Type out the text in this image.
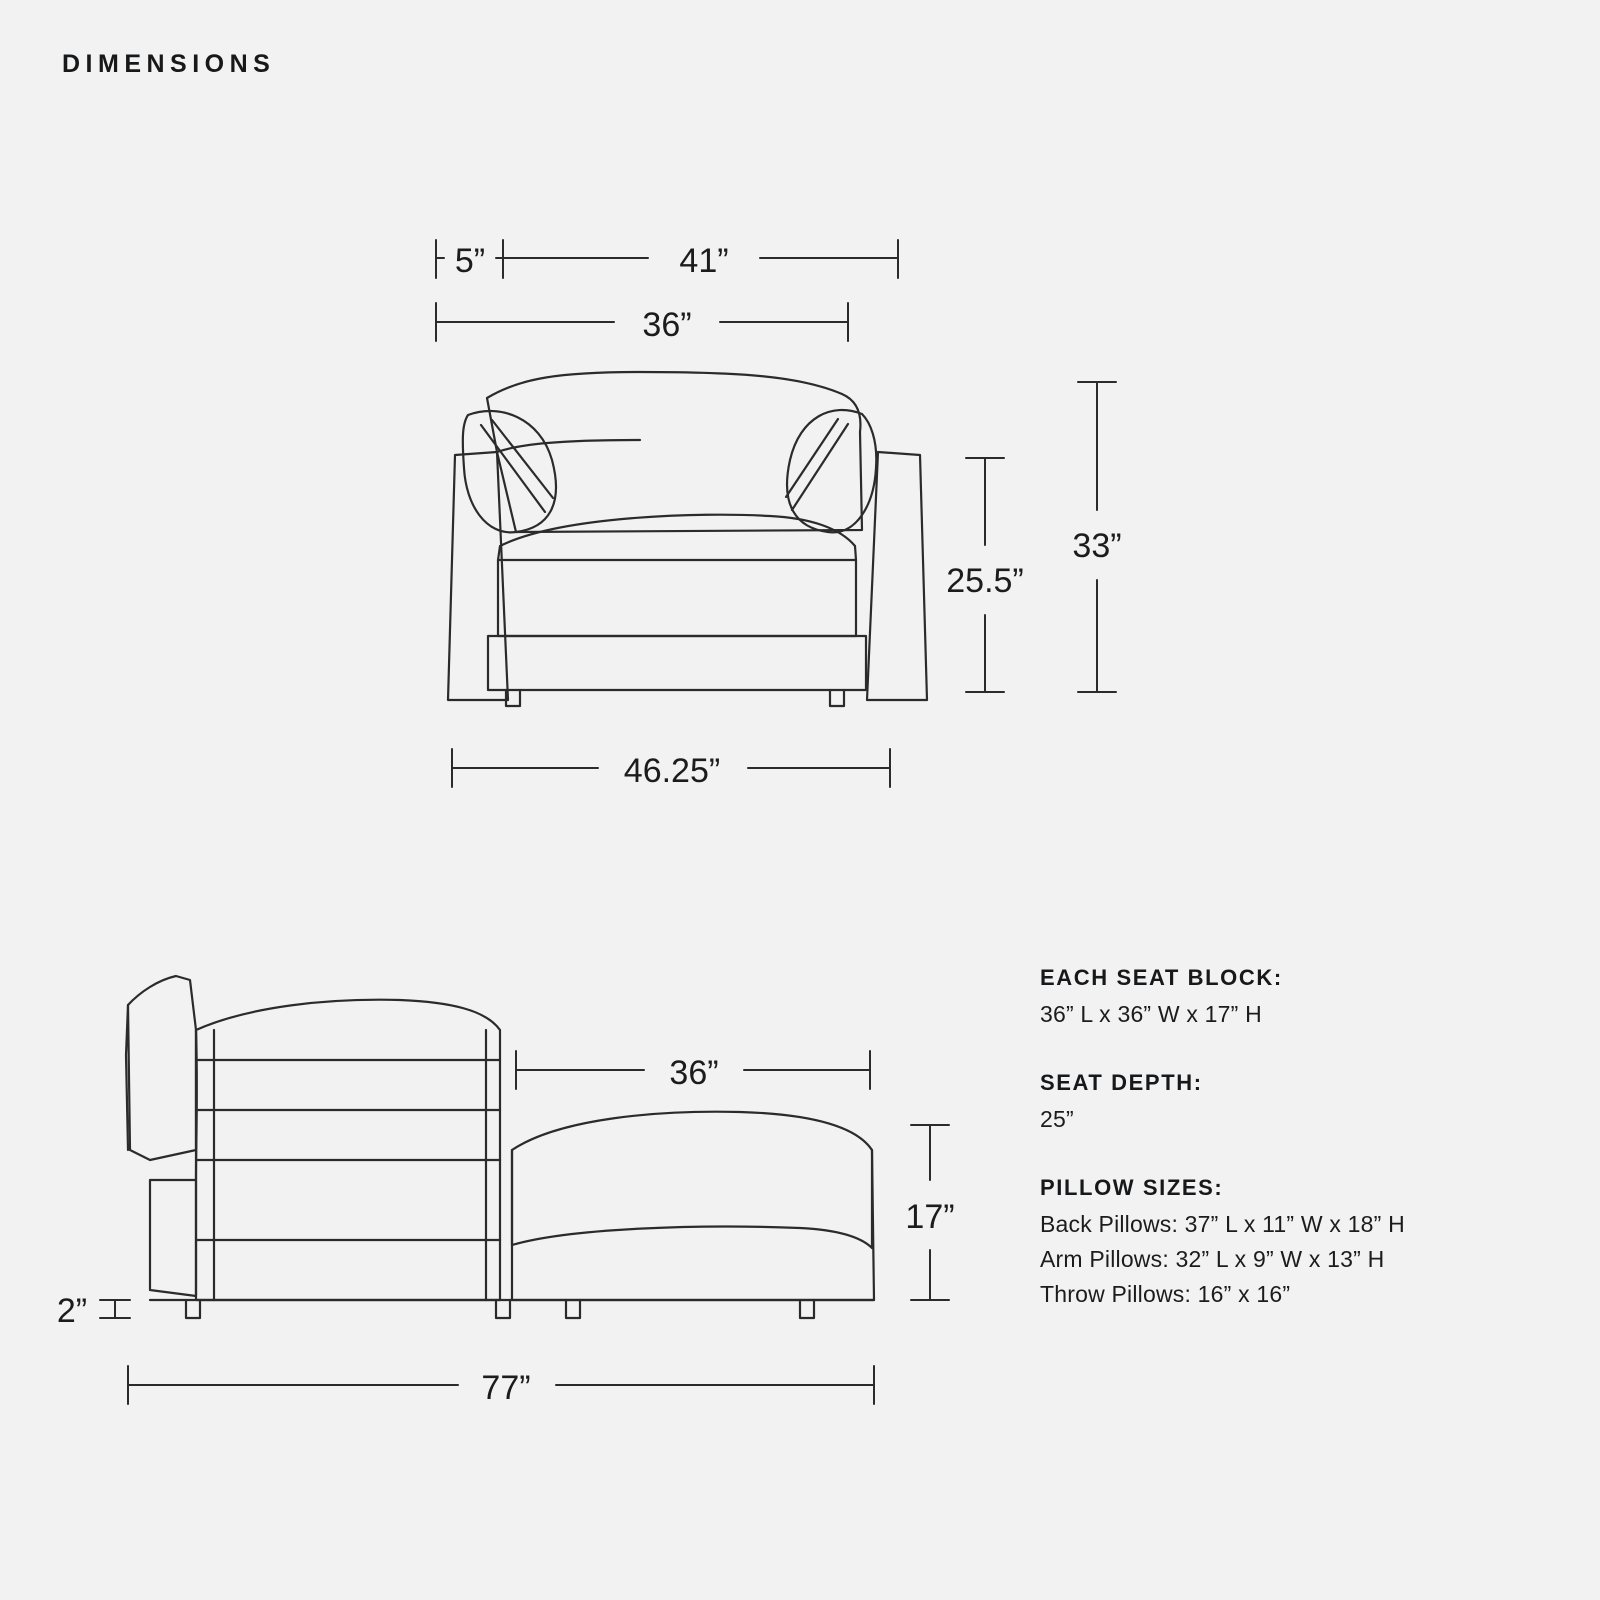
DIMENSIONS
5”	41”
36”
25.5”
33”
46.25”
36”
17”
2”
77”
EACH SEAT BLOCK:
36” L x 36” W x 17” H
SEAT DEPTH:
25”
PILLOW SIZES:
Back Pillows: 37” L x 11” W x 18” H
Arm Pillows: 32” L x 9” W x 13” H
Throw Pillows: 16” x 16”
